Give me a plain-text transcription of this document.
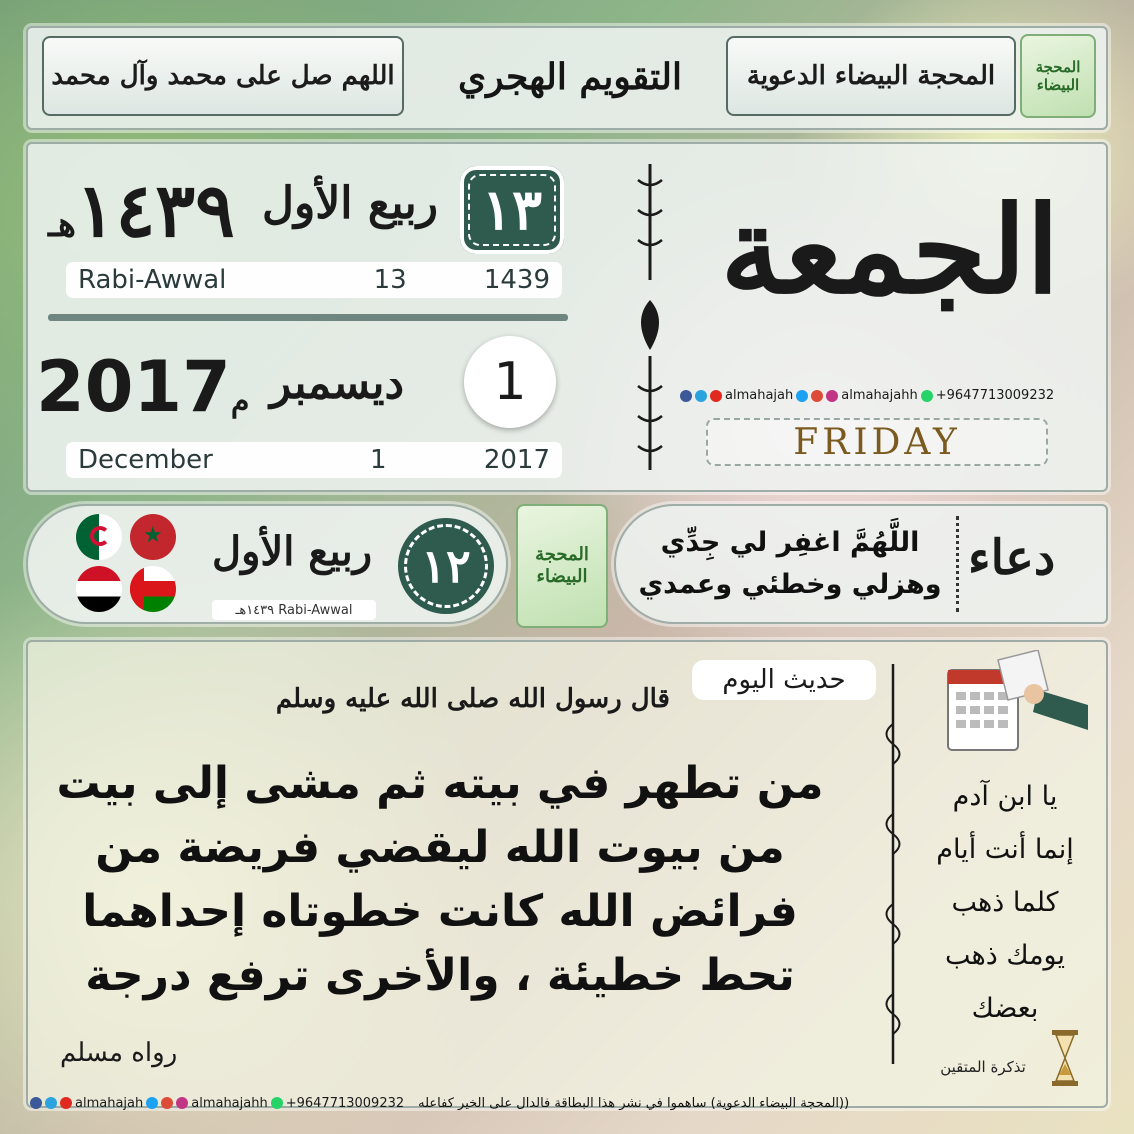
اللهم صل على محمد وآل محمد التقويم الهجري المحجة البيضاء الدعوية	المحجة البيضاء
١٤٣٩هـ	ربيع الأول ١٣
Rabi-Awwal	13	1439
2017م ديسمبر 1
December	1	2017
الجمعة
almahajah	almahajahh +9647713009232
FRIDAY
★ ربيع الأول
١٤٣٩هـ Rabi-Awwal
١٢	المحجة البيضاء
اللَّهُمَّ اغفِر لي جِدِّي
وهزلي وخطئي وعمدي دعاء
حديث اليوم
قال رسول الله صلى الله عليه وسلم
من تطهر في بيته ثم مشى إلى بيت
من بيوت الله ليقضي فريضة من
فرائض الله كانت خطوتاه إحداهما
تحط خطيئة ، والأخرى ترفع درجة
رواه مسلم
يا ابن آدم
إنما أنت أيام
كلما ذهب
يومك ذهب
بعضك
تذكرة المتقين
almahajah	almahajahh +9647713009232 ((المحجة البيضاء الدعوية) ساهموا في نشر هذا البطاقة فالدال على الخير كفاعله
